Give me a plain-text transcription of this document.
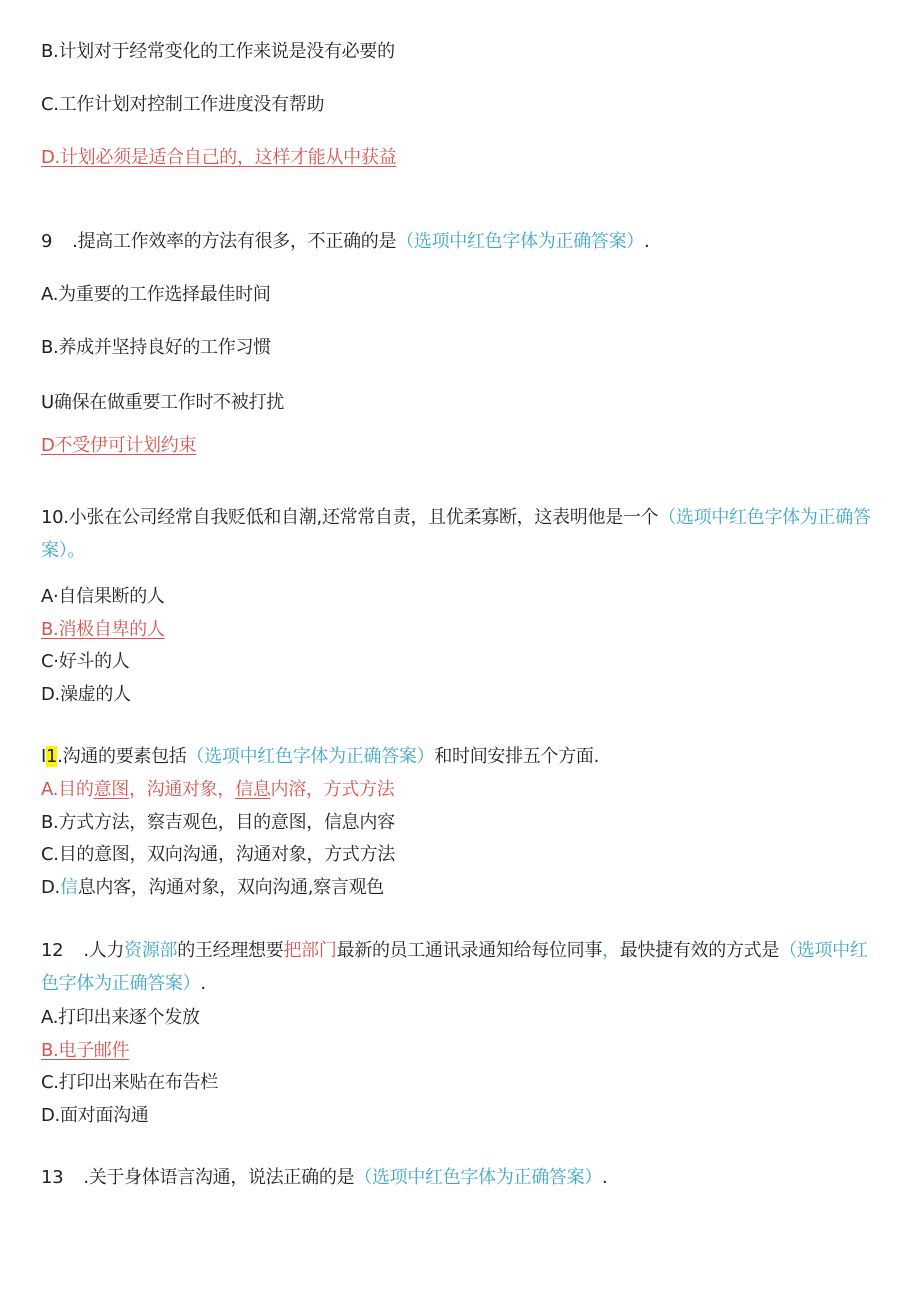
B.计划对于经常变化的工作来说是没有必要的
C.工作计划对控制工作进度没有帮助
D.计划必须是适合自己的，这样才能从中获益
9 .提高工作效率的方法有很多，不正确的是（选项中红色字体为正确答案）.
A.为重要的工作选择最佳时间
B.养成并坚持良好的工作习惯
U确保在做重要工作时不被打扰
D不受伊可计划约束
10.小张在公司经常自我贬低和自潮,还常常自责，且优柔寡断，这表明他是一个（选项中红色字体为正确答案）。
A·自信果断的人
B.消极自卑的人
C·好斗的人
D.澡虚的人
I1.沟通的要素包括（选项中红色字体为正确答案）和时间安排五个方面.
A.目的意图，沟通对象，信息内溶，方式方法
B.方式方法，察吉观色，目的意图，信息内容
C.目的意图，双向沟通，沟通对象，方式方法
D.信息内客，沟通对象，双向沟通,察言观色
12 .人力资源部的王经理想要把部门最新的员工通讯录通知给每位同事，最快捷有效的方式是（选项中红色字体为正确答案）.
A.打印出来逐个发放
B.电子邮件
C.打印出来贴在布告栏
D.面对面沟通
13 .关于身体语言沟通，说法正确的是（选项中红色字体为正确答案）.
